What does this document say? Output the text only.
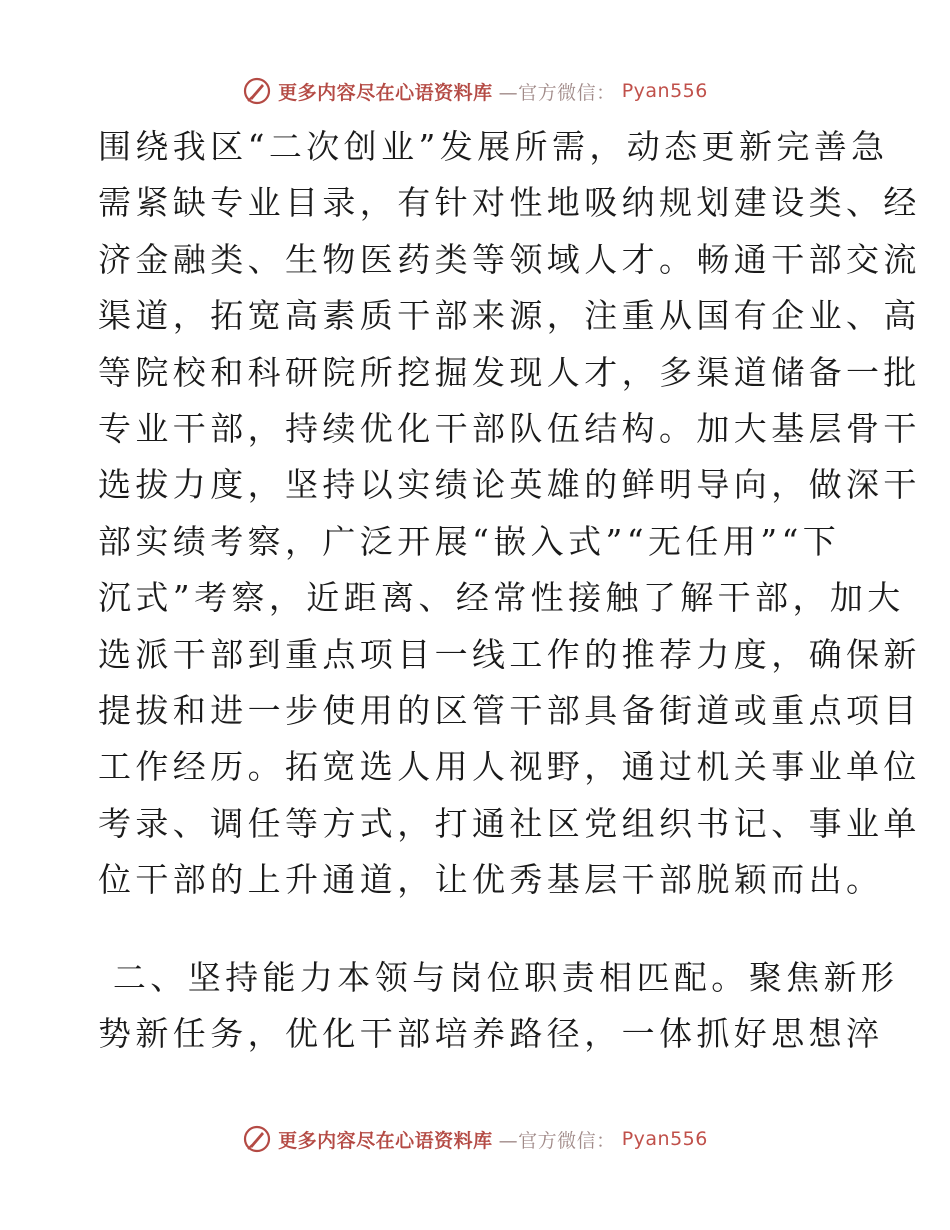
更多内容尽在心语资料库 —官方微信： Pyan556
围绕我区“二次创业”发展所需，动态更新完善急
需紧缺专业目录，有针对性地吸纳规划建设类、经
济金融类、生物医药类等领域人才。畅通干部交流
渠道，拓宽高素质干部来源，注重从国有企业、高
等院校和科研院所挖掘发现人才，多渠道储备一批
专业干部，持续优化干部队伍结构。加大基层骨干
选拔力度，坚持以实绩论英雄的鲜明导向，做深干
部实绩考察，广泛开展“嵌入式”“无任用”“下
沉式”考察，近距离、经常性接触了解干部，加大
选派干部到重点项目一线工作的推荐力度，确保新
提拔和进一步使用的区管干部具备街道或重点项目
工作经历。拓宽选人用人视野，通过机关事业单位
考录、调任等方式，打通社区党组织书记、事业单
位干部的上升通道，让优秀基层干部脱颖而出。
二、坚持能力本领与岗位职责相匹配。聚焦新形
势新任务，优化干部培养路径，一体抓好思想淬
更多内容尽在心语资料库 —官方微信： Pyan556
